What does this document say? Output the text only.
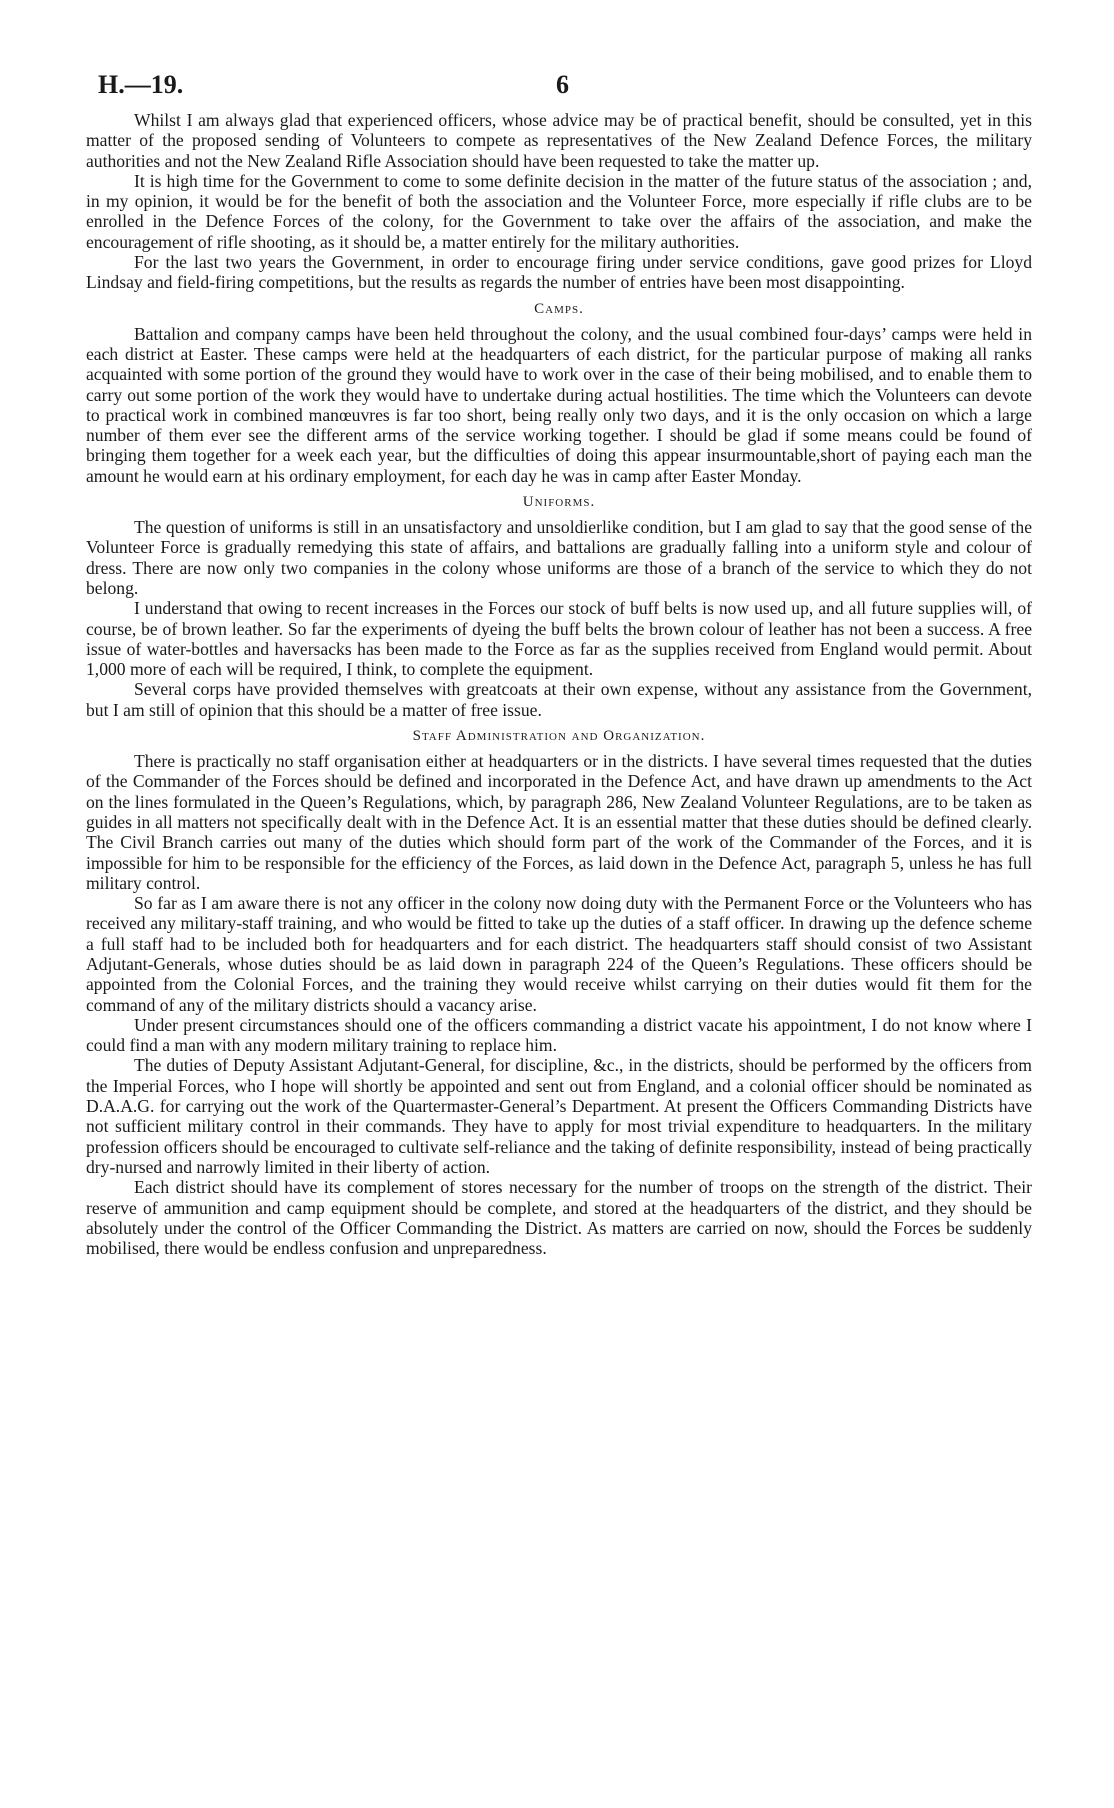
H.—19.	6

Whilst I am always glad that experienced officers, whose advice may be of practical benefit, should be consulted, yet in this matter of the proposed sending of Volunteers to compete as representatives of the New Zealand Defence Forces, the military authorities and not the New Zealand Rifle Association should have been requested to take the matter up.

It is high time for the Government to come to some definite decision in the matter of the future status of the association ; and, in my opinion, it would be for the benefit of both the association and the Volunteer Force, more especially if rifle clubs are to be enrolled in the Defence Forces of the colony, for the Government to take over the affairs of the association, and make the encouragement of rifle shooting, as it should be, a matter entirely for the military authorities.

For the last two years the Government, in order to encourage firing under service conditions, gave good prizes for Lloyd Lindsay and field-firing competitions, but the results as regards the number of entries have been most disappointing.

Camps.

Battalion and company camps have been held throughout the colony, and the usual combined four-days’ camps were held in each district at Easter. These camps were held at the headquarters of each district, for the particular purpose of making all ranks acquainted with some portion of the ground they would have to work over in the case of their being mobilised, and to enable them to carry out some portion of the work they would have to undertake during actual hostilities. The time which the Volunteers can devote to practical work in combined manœuvres is far too short, being really only two days, and it is the only occasion on which a large number of them ever see the different arms of the service working together. I should be glad if some means could be found of bringing them together for a week each year, but the difficulties of doing this appear insurmountable,short of paying each man the amount he would earn at his ordinary employment, for each day he was in camp after Easter Monday.

Uniforms.

The question of uniforms is still in an unsatisfactory and unsoldierlike condition, but I am glad to say that the good sense of the Volunteer Force is gradually remedying this state of affairs, and battalions are gradually falling into a uniform style and colour of dress. There are now only two companies in the colony whose uniforms are those of a branch of the service to which they do not belong.

I understand that owing to recent increases in the Forces our stock of buff belts is now used up, and all future supplies will, of course, be of brown leather. So far the experiments of dyeing the buff belts the brown colour of leather has not been a success. A free issue of water-bottles and haversacks has been made to the Force as far as the supplies received from England would permit. About 1,000 more of each will be required, I think, to complete the equipment.

Several corps have provided themselves with greatcoats at their own expense, without any assistance from the Government, but I am still of opinion that this should be a matter of free issue.

Staff Administration and Organization.

There is practically no staff organisation either at headquarters or in the districts. I have several times requested that the duties of the Commander of the Forces should be defined and incorporated in the Defence Act, and have drawn up amendments to the Act on the lines formulated in the Queen’s Regulations, which, by paragraph 286, New Zealand Volunteer Regulations, are to be taken as guides in all matters not specifically dealt with in the Defence Act. It is an essential matter that these duties should be defined clearly. The Civil Branch carries out many of the duties which should form part of the work of the Commander of the Forces, and it is impossible for him to be responsible for the efficiency of the Forces, as laid down in the Defence Act, paragraph 5, unless he has full military control.

So far as I am aware there is not any officer in the colony now doing duty with the Permanent Force or the Volunteers who has received any military-staff training, and who would be fitted to take up the duties of a staff officer. In drawing up the defence scheme a full staff had to be included both for headquarters and for each district. The headquarters staff should consist of two Assistant Adjutant-Generals, whose duties should be as laid down in paragraph 224 of the Queen’s Regulations. These officers should be appointed from the Colonial Forces, and the training they would receive whilst carrying on their duties would fit them for the command of any of the military districts should a vacancy arise.

Under present circumstances should one of the officers commanding a district vacate his appointment, I do not know where I could find a man with any modern military training to replace him.

The duties of Deputy Assistant Adjutant-General, for discipline, &c., in the districts, should be performed by the officers from the Imperial Forces, who I hope will shortly be appointed and sent out from England, and a colonial officer should be nominated as D.A.A.G. for carrying out the work of the Quartermaster-General’s Department. At present the Officers Commanding Districts have not sufficient military control in their commands. They have to apply for most trivial expenditure to headquarters. In the military profession officers should be encouraged to cultivate self-reliance and the taking of definite responsibility, instead of being practically dry-nursed and narrowly limited in their liberty of action.

Each district should have its complement of stores necessary for the number of troops on the strength of the district. Their reserve of ammunition and camp equipment should be complete, and stored at the headquarters of the district, and they should be absolutely under the control of the Officer Commanding the District. As matters are carried on now, should the Forces be suddenly mobilised, there would be endless confusion and unpreparedness.
